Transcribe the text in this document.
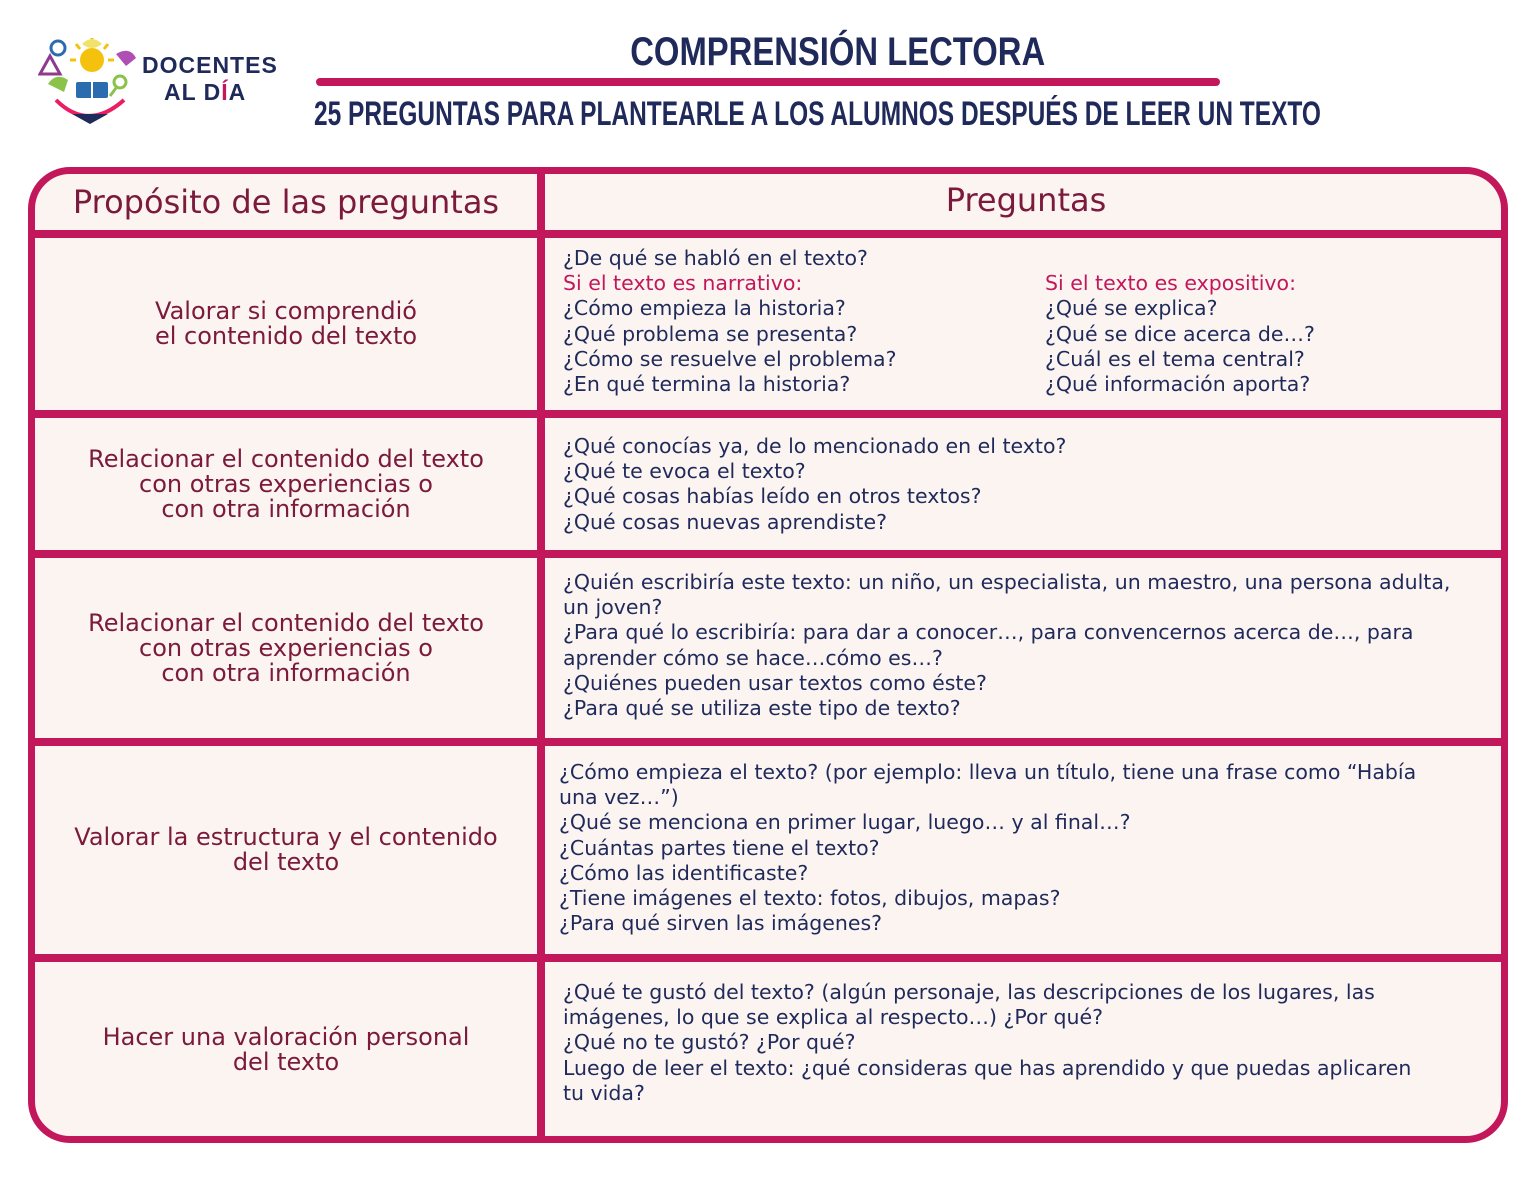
DOCENTES
AL DÍA
COMPRENSIÓN LECTORA
25 PREGUNTAS PARA PLANTEARLE A LOS ALUMNOS DESPUÉS DE LEER UN TEXTO
Propósito de las preguntas	Preguntas
Valorar si comprendió
el contenido del texto
¿De qué se habló en el texto?
Si el texto es narrativo:
¿Cómo empieza la historia?
¿Qué problema se presenta?
¿Cómo se resuelve el problema?
¿En qué termina la historia?
Si el texto es expositivo:
¿Qué se explica?
¿Qué se dice acerca de…?
¿Cuál es el tema central?
¿Qué información aporta?
Relacionar el contenido del texto
con otras experiencias o
con otra información
¿Qué conocías ya, de lo mencionado en el texto?
¿Qué te evoca el texto?
¿Qué cosas habías leído en otros textos?
¿Qué cosas nuevas aprendiste?
Relacionar el contenido del texto
con otras experiencias o
con otra información
¿Quién escribiría este texto: un niño, un especialista, un maestro, una persona adulta, un joven?
¿Para qué lo escribiría: para dar a conocer…, para convencernos acerca de…, para aprender cómo se hace…cómo es…?
¿Quiénes pueden usar textos como éste?
¿Para qué se utiliza este tipo de texto?
Valorar la estructura y el contenido
del texto
¿Cómo empieza el texto? (por ejemplo: lleva un título, tiene una frase como “Había una vez…”)
¿Qué se menciona en primer lugar, luego… y al final…?
¿Cuántas partes tiene el texto?
¿Cómo las identificaste?
¿Tiene imágenes el texto: fotos, dibujos, mapas?
¿Para qué sirven las imágenes?
Hacer una valoración personal
del texto
¿Qué te gustó del texto? (algún personaje, las descripciones de los lugares, las imágenes, lo que se explica al respecto…) ¿Por qué?
¿Qué no te gustó? ¿Por qué?
Luego de leer el texto: ¿qué consideras que has aprendido y que puedas aplicaren tu vida?
